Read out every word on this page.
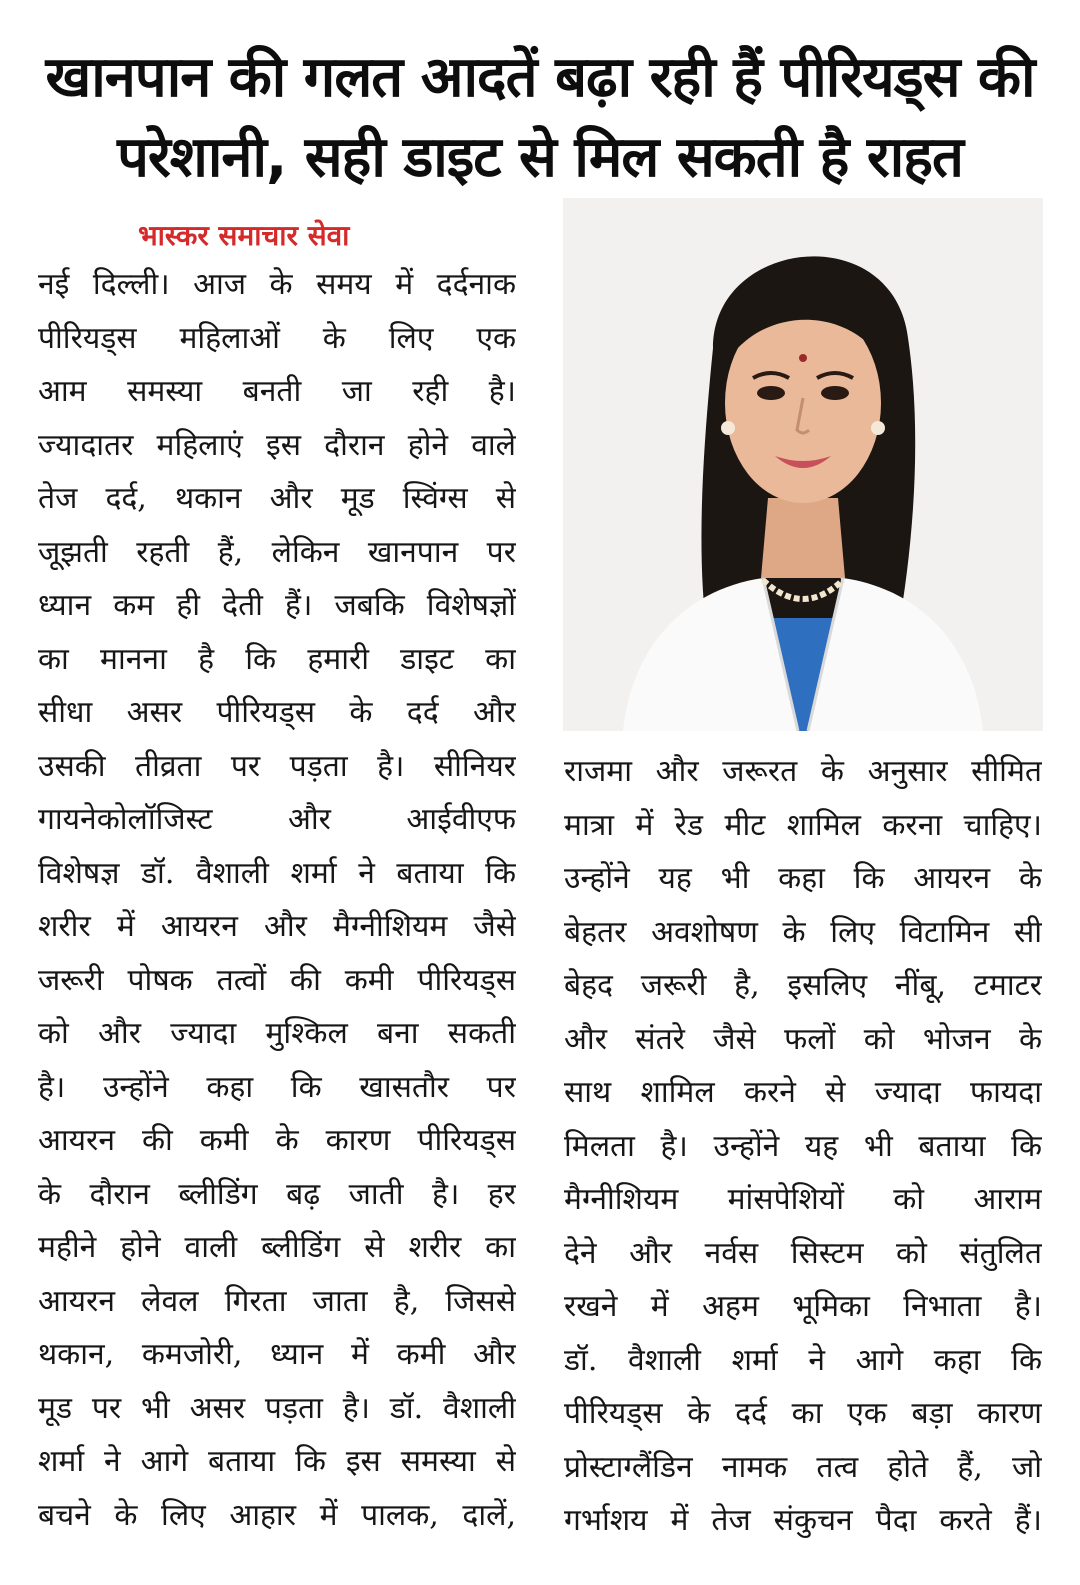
खानपान की गलत आदतें बढ़ा रही हैं पीरियड्स की
परेशानी, सही डाइट से मिल सकती है राहत
भास्कर समाचार सेवा
नई दिल्ली। आज के समय में दर्दनाक
पीरियड्स महिलाओं के लिए एक
आम समस्या बनती जा रही है।
ज्यादातर महिलाएं इस दौरान होने वाले
तेज दर्द, थकान और मूड स्विंग्स से
जूझती रहती हैं, लेकिन खानपान पर
ध्यान कम ही देती हैं। जबकि विशेषज्ञों
का मानना है कि हमारी डाइट का
सीधा असर पीरियड्स के दर्द और
उसकी तीव्रता पर पड़ता है। सीनियर
गायनेकोलॉजिस्ट और आईवीएफ
विशेषज्ञ डॉ. वैशाली शर्मा ने बताया कि
शरीर में आयरन और मैग्नीशियम जैसे
जरूरी पोषक तत्वों की कमी पीरियड्स
को और ज्यादा मुश्किल बना सकती
है। उन्होंने कहा कि खासतौर पर
आयरन की कमी के कारण पीरियड्स
के दौरान ब्लीडिंग बढ़ जाती है। हर
महीने होने वाली ब्लीडिंग से शरीर का
आयरन लेवल गिरता जाता है, जिससे
थकान, कमजोरी, ध्यान में कमी और
मूड पर भी असर पड़ता है। डॉ. वैशाली
शर्मा ने आगे बताया कि इस समस्या से
बचने के लिए आहार में पालक, दालें,
राजमा और जरूरत के अनुसार सीमित
मात्रा में रेड मीट शामिल करना चाहिए।
उन्होंने यह भी कहा कि आयरन के
बेहतर अवशोषण के लिए विटामिन सी
बेहद जरूरी है, इसलिए नींबू, टमाटर
और संतरे जैसे फलों को भोजन के
साथ शामिल करने से ज्यादा फायदा
मिलता है। उन्होंने यह भी बताया कि
मैग्नीशियम मांसपेशियों को आराम
देने और नर्वस सिस्टम को संतुलित
रखने में अहम भूमिका निभाता है।
डॉ. वैशाली शर्मा ने आगे कहा कि
पीरियड्स के दर्द का एक बड़ा कारण
प्रोस्टाग्लैंडिन नामक तत्व होते हैं, जो
गर्भाशय में तेज संकुचन पैदा करते हैं।
